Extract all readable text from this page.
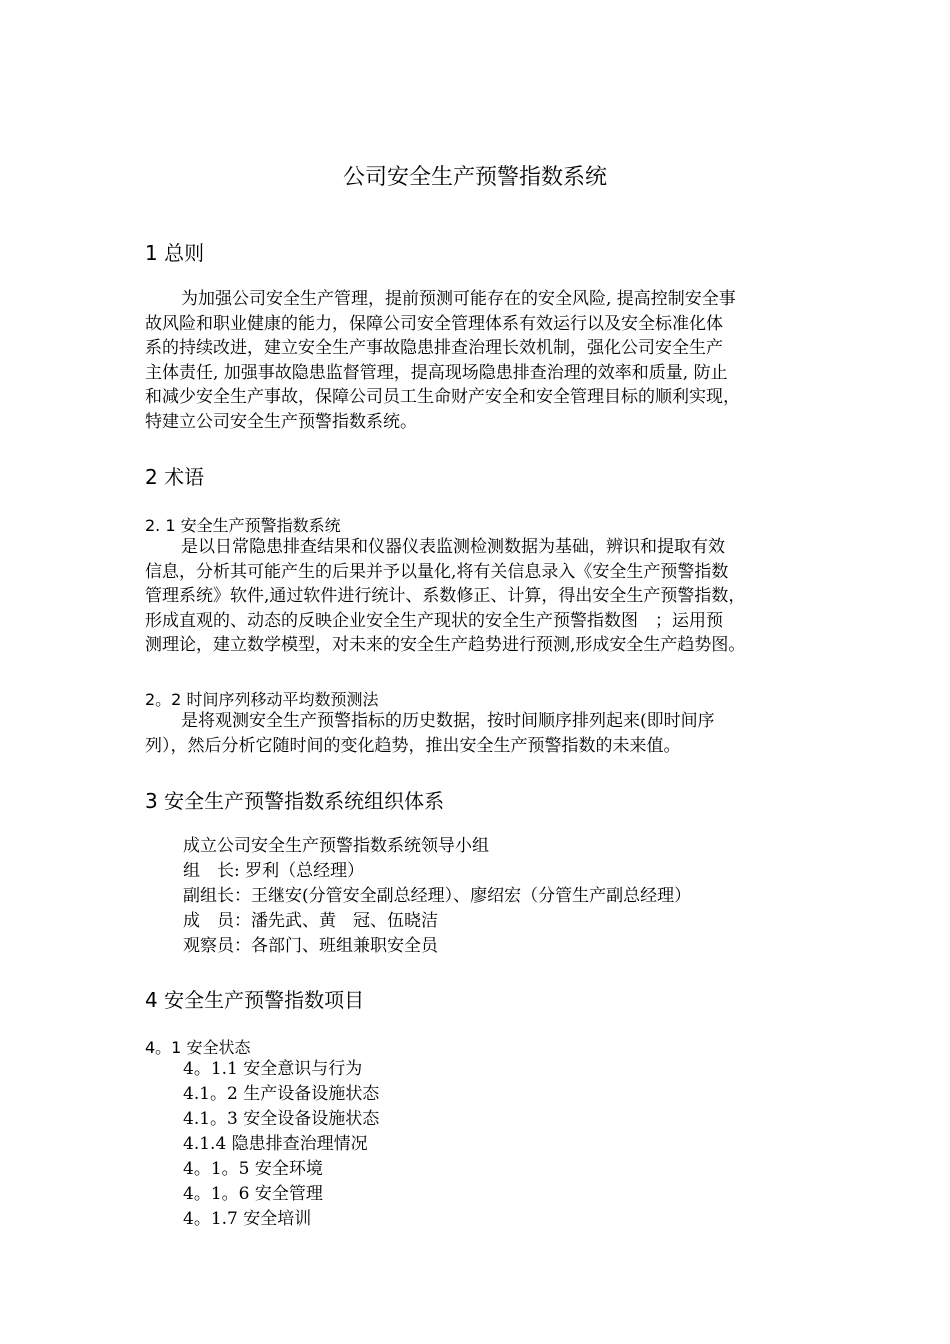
公司安全生产预警指数系统
1 总则
为加强公司安全生产管理，提前预测可能存在的安全风险, 提高控制安全事
故风险和职业健康的能力，保障公司安全管理体系有效运行以及安全标准化体
系的持续改进，建立安全生产事故隐患排查治理长效机制，强化公司安全生产
主体责任, 加强事故隐患监督管理，提高现场隐患排查治理的效率和质量, 防止
和减少安全生产事故，保障公司员工生命财产安全和安全管理目标的顺利实现，
特建立公司安全生产预警指数系统。
2 术语
2. 1 安全生产预警指数系统
是以日常隐患排查结果和仪器仪表监测检测数据为基础，辨识和提取有效
信息，分析其可能产生的后果并予以量化,将有关信息录入《安全生产预警指数
管理系统》软件,通过软件进行统计、系数修正、计算，得出安全生产预警指数，
形成直观的、动态的反映企业安全生产现状的安全生产预警指数图　；运用预
测理论，建立数学模型，对未来的安全生产趋势进行预测,形成安全生产趋势图。
2。2 时间序列移动平均数预测法
是将观测安全生产预警指标的历史数据，按时间顺序排列起来(即时间序
列），然后分析它随时间的变化趋势，推出安全生产预警指数的未来值。
3 安全生产预警指数系统组织体系
成立公司安全生产预警指数系统领导小组
组　长: 罗利（总经理）
副组长：王继安(分管安全副总经理）、廖绍宏（分管生产副总经理）
成　员：潘先武、黄　冠、伍晓洁
观察员：各部门、班组兼职安全员
4 安全生产预警指数项目
4。1 安全状态
4。1.1 安全意识与行为
4.1。2 生产设备设施状态
4.1。3 安全设备设施状态
4.1.4 隐患排查治理情况
4。1。5 安全环境
4。1。6 安全管理
4。1.7 安全培训
